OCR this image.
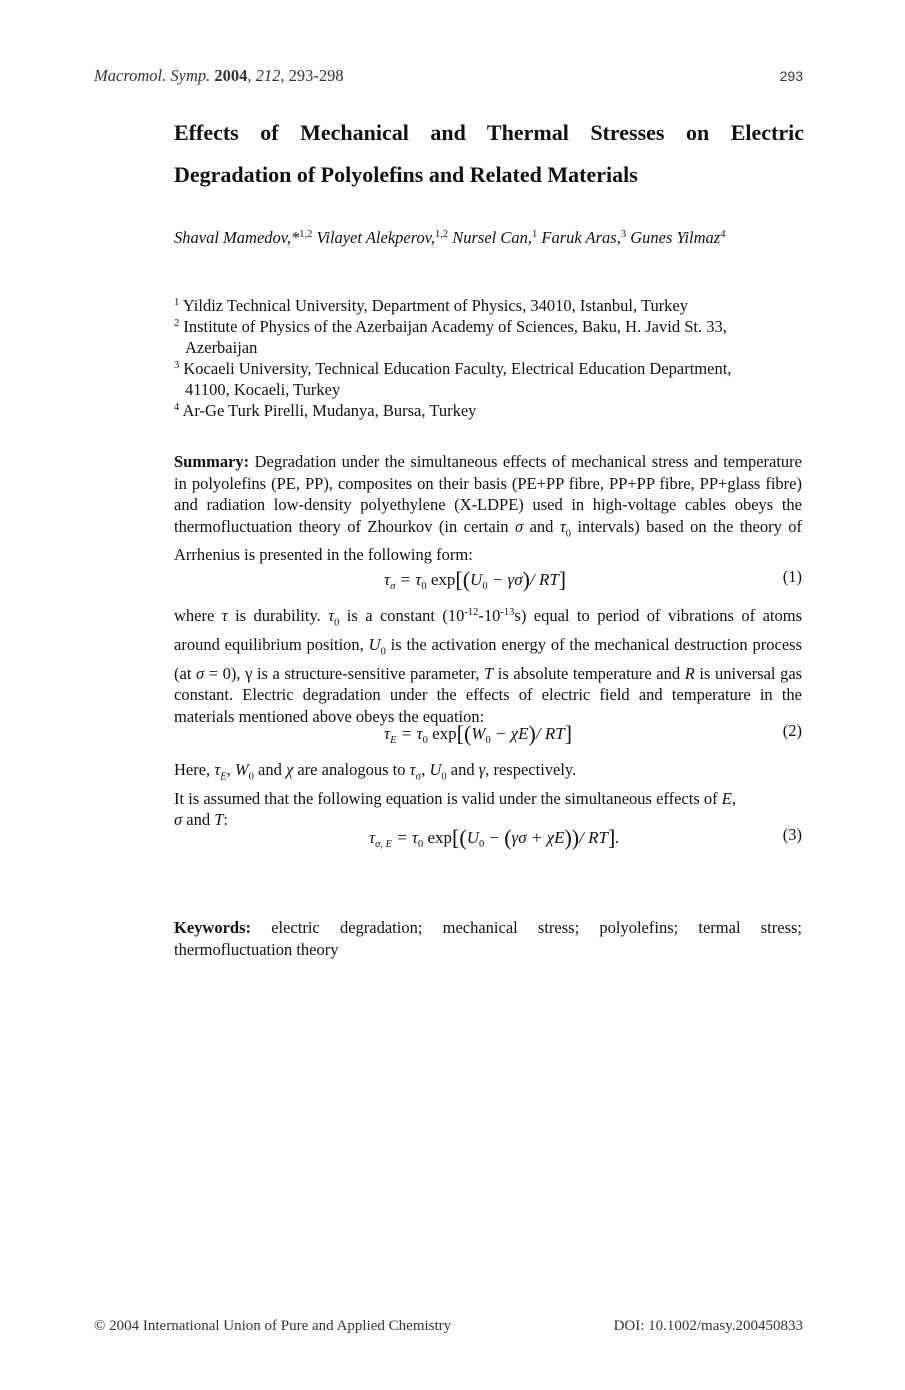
Macromol. Symp. 2004, 212, 293-298	293
Effects of Mechanical and Thermal Stresses on Electric
Degradation of Polyolefins and Related Materials
Shaval Mamedov,*$^{1,2}$ Vilayet Alekperov,$^{1,2}$ Nursel Can,$^1$ Faruk Aras,$^3$ Gunes Yilmaz$^4$
$^1$ Yildiz Technical University, Department of Physics, 34010, Istanbul, Turkey
$^2$ Institute of Physics of the Azerbaijan Academy of Sciences, Baku, H. Javid St. 33,
Azerbaijan
$^3$ Kocaeli University, Technical Education Faculty, Electrical Education Department,
41100, Kocaeli, Turkey
$^4$ Ar-Ge Turk Pirelli, Mudanya, Bursa, Turkey
Summary: Degradation under the simultaneous effects of mechanical stress and temperature in polyolefins (PE, PP), composites on their basis (PE+PP fibre, PP+PP fibre, PP+glass fibre) and radiation low-density polyethylene (X-LDPE) used in high-voltage cables obeys the thermofluctuation theory of Zhourkov (in certain σ and $\tau_0$ intervals) based on the theory of Arrhenius is presented in the following form:
$\tau_\sigma = \tau_0$ $\exp[(U_0 - \gamma\sigma)/$ RT]	(1)
where τ is durability. $\tau_0$ is a constant $(10^{-12}-10^{-13}s)$ equal to period of vibrations of atoms around equilibrium position, $U_0$ is the activation energy of the mechanical destruction process (at σ = 0), γ is a structure-sensitive parameter, T is absolute temperature and R is universal gas constant. Electric degradation under the effects of electric field and temperature in the materials mentioned above obeys the equation:
$\tau_E = \tau_0$ $\exp[(W_0 - \chi E)/$ RT]	(2)
Here, $\tau_E$, $W_0$ and χ are analogous to $\tau_\sigma$, $U_0$ and γ, respectively.
It is assumed that the following equation is valid under the simultaneous effects of E,
σ and T:
$\tau_{\sigma, E} = \tau_0$ $\exp[(U_0 - (\gamma\sigma + \chi E))/$ RT].	(3)
Keywords: electric degradation; mechanical stress; polyolefins; termal stress; thermofluctuation theory
© 2004 International Union of Pure and Applied Chemistry	DOI: 10.1002/masy.200450833
